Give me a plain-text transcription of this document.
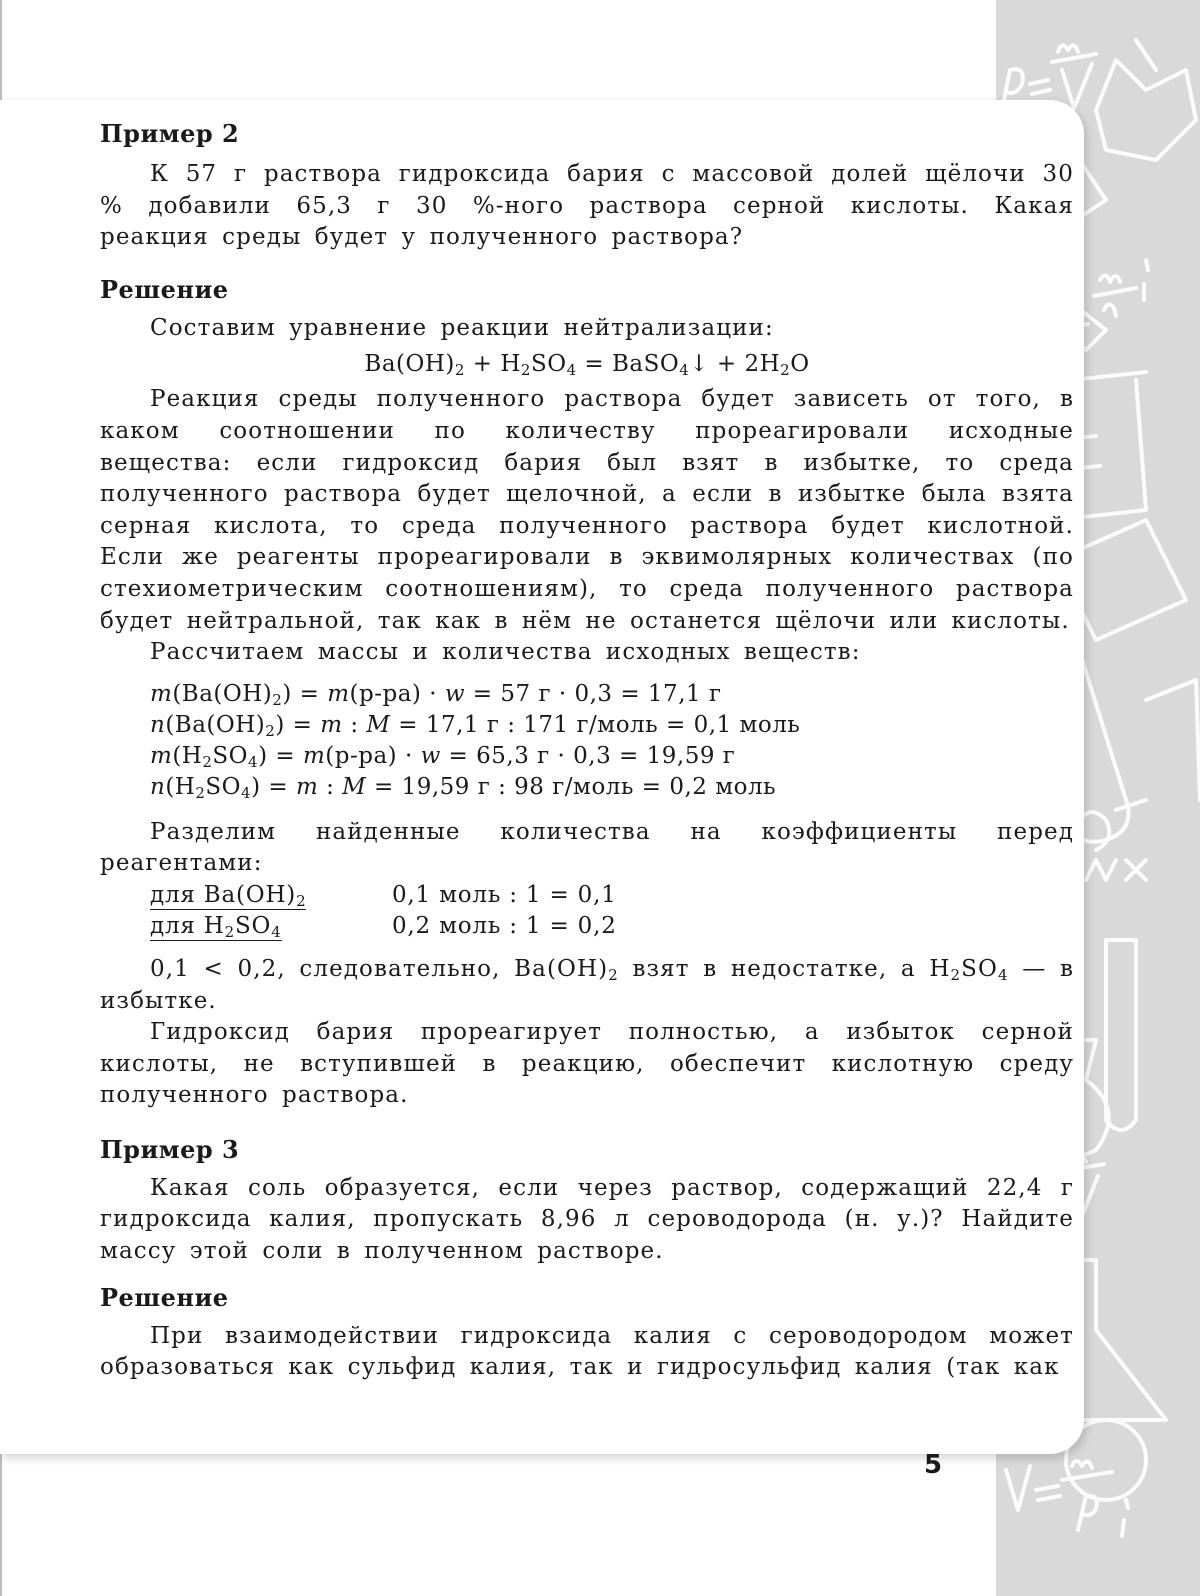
Пример 2

К 57 г раствора гидроксида бария с массовой долей щёлочи 30 % добавили 65,3 г 30 %-ного раствора серной кислоты. Какая реакция среды будет у полученного раствора?

Решение

Составим уравнение реакции нейтрализации:

$Ba(OH)_2 + H_2SO_4$ = BaSO$_4$↓ + $2H_2O$

Реакция среды полученного раствора будет зависеть от того, в каком соотношении по количеству прореагировали исходные вещества: если гидроксид бария был взят в избытке, то среда полученного раствора будет щелочной, а если в избытке была взята серная кислота, то среда полученного раствора будет кислотной. Если же реагенты прореагировали в эквимолярных количествах (по стехиометрическим соотношениям), то среда полученного раствора будет нейтральной, так как в нём не останется щёлочи или кислоты.

Рассчитаем массы и количества исходных веществ:

$m(Ba(OH)_2) = m(р-ра) \cdot w = 57$ г · 0,3 = 17,1 г
$n(Ba(OH)_2) = m$ : M = 17,1 г : 171 г/моль = 0,1 моль
$m(H_2SO_4) = m(р-ра) \cdot w = 65,3$ г · 0,3 = 19,59 г
$n(H_2SO_4) = m$ : M = 19,59 г : 98 г/моль = 0,2 моль

Разделим найденные количества на коэффициенты перед реагентами:

для $Ba(OH)_2$	0,1 моль : 1 = 0,1
для $H_2SO_4$	0,2 моль : 1 = 0,2

0,1 < 0,2, следовательно, $Ba(OH)_2$ взят в недостатке, а $H_2SO_4$ — в избытке.

Гидроксид бария прореагирует полностью, а избыток серной кислоты, не вступившей в реакцию, обеспечит кислотную среду полученного раствора.

Пример 3

Какая соль образуется, если через раствор, содержащий 22,4 г гидроксида калия, пропускать 8,96 л сероводорода (н. у.)? Найдите массу этой соли в полученном растворе.

Решение

При взаимодействии гидроксида калия с сероводородом может образоваться как сульфид калия, так и гидросульфид калия (так как

5
